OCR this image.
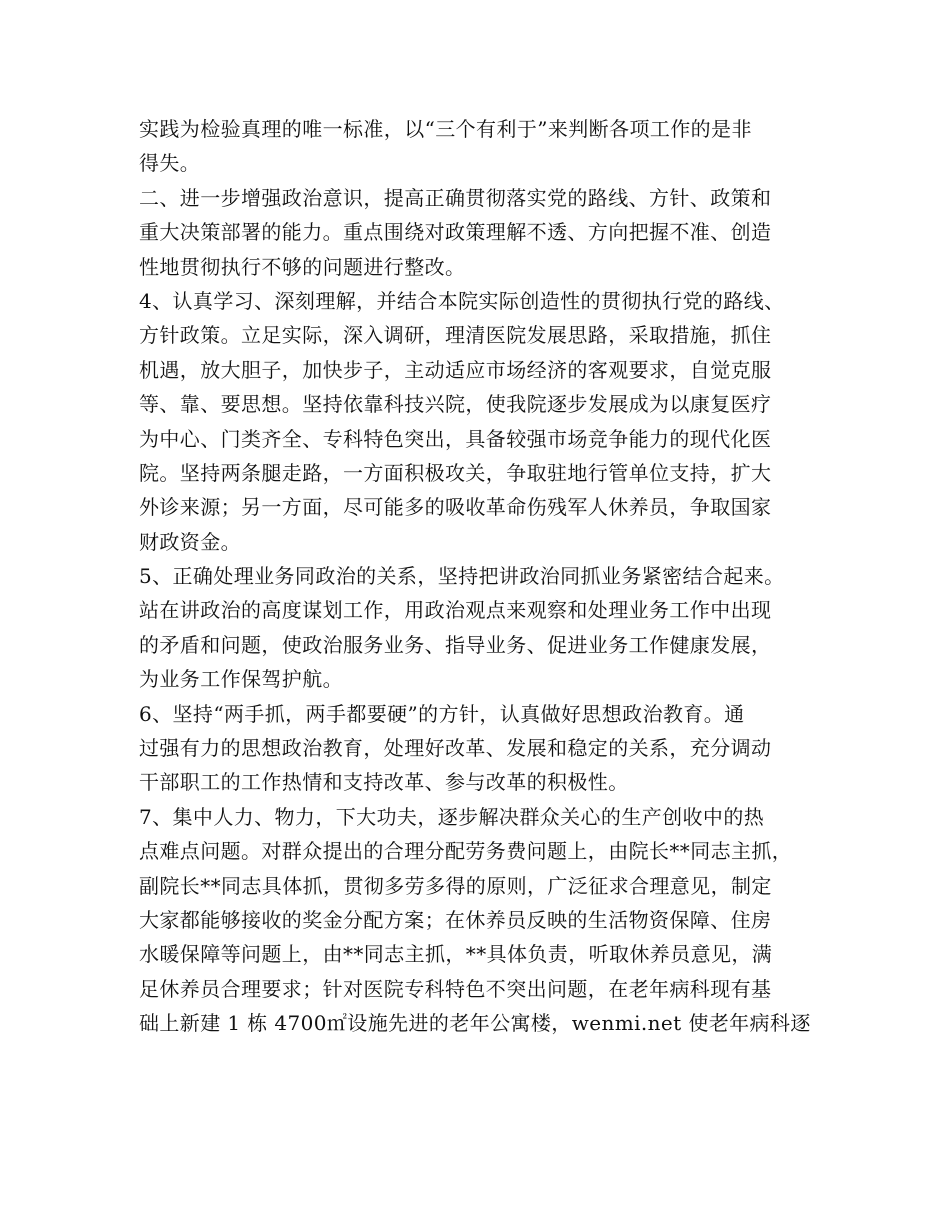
实践为检验真理的唯一标准，以“三个有利于”来判断各项工作的是非
得失。
二、进一步增强政治意识，提高正确贯彻落实党的路线、方针、政策和
重大决策部署的能力。重点围绕对政策理解不透、方向把握不准、创造
性地贯彻执行不够的问题进行整改。
4、认真学习、深刻理解，并结合本院实际创造性的贯彻执行党的路线、
方针政策。立足实际，深入调研，理清医院发展思路，采取措施，抓住
机遇，放大胆子，加快步子，主动适应市场经济的客观要求，自觉克服
等、靠、要思想。坚持依靠科技兴院，使我院逐步发展成为以康复医疗
为中心、门类齐全、专科特色突出，具备较强市场竞争能力的现代化医
院。坚持两条腿走路，一方面积极攻关，争取驻地行管单位支持，扩大
外诊来源；另一方面，尽可能多的吸收革命伤残军人休养员，争取国家
财政资金。
5、正确处理业务同政治的关系，坚持把讲政治同抓业务紧密结合起来。
站在讲政治的高度谋划工作，用政治观点来观察和处理业务工作中出现
的矛盾和问题，使政治服务业务、指导业务、促进业务工作健康发展，
为业务工作保驾护航。
6、坚持“两手抓，两手都要硬”的方针，认真做好思想政治教育。通
过强有力的思想政治教育，处理好改革、发展和稳定的关系，充分调动
干部职工的工作热情和支持改革、参与改革的积极性。
7、集中人力、物力，下大功夫，逐步解决群众关心的生产创收中的热
点难点问题。对群众提出的合理分配劳务费问题上，由院长**同志主抓，
副院长**同志具体抓，贯彻多劳多得的原则，广泛征求合理意见，制定
大家都能够接收的奖金分配方案；在休养员反映的生活物资保障、住房
水暖保障等问题上，由**同志主抓，**具体负责，听取休养员意见，满
足休养员合理要求；针对医院专科特色不突出问题，在老年病科现有基
础上新建 1 栋 4700㎡设施先进的老年公寓楼，wenmi.net 使老年病科逐
